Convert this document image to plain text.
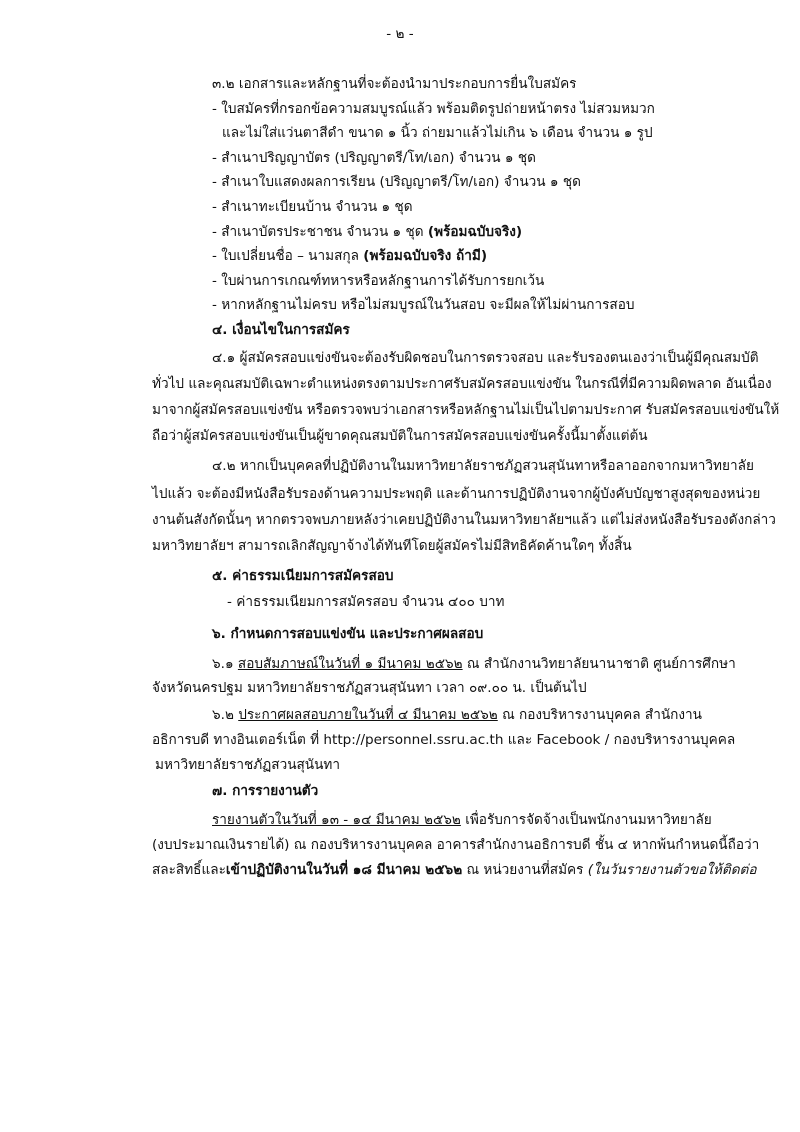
- ๒ -
๓.๒ เอกสารและหลักฐานที่จะต้องนำมาประกอบการยื่นใบสมัคร
- ใบสมัครที่กรอกข้อความสมบูรณ์แล้ว พร้อมติดรูปถ่ายหน้าตรง ไม่สวมหมวก
และไม่ใส่แว่นตาสีดำ ขนาด ๑ นิ้ว ถ่ายมาแล้วไม่เกิน ๖ เดือน จำนวน ๑ รูป
- สำเนาปริญญาบัตร (ปริญญาตรี/โท/เอก) จำนวน ๑ ชุด
- สำเนาใบแสดงผลการเรียน (ปริญญาตรี/โท/เอก) จำนวน ๑ ชุด
- สำเนาทะเบียนบ้าน จำนวน ๑ ชุด
- สำเนาบัตรประชาชน จำนวน ๑ ชุด (พร้อมฉบับจริง)
- ใบเปลี่ยนชื่อ – นามสกุล (พร้อมฉบับจริง ถ้ามี)
- ใบผ่านการเกณฑ์ทหารหรือหลักฐานการได้รับการยกเว้น
- หากหลักฐานไม่ครบ หรือไม่สมบูรณ์ในวันสอบ จะมีผลให้ไม่ผ่านการสอบ
๔. เงื่อนไขในการสมัคร
๔.๑ ผู้สมัครสอบแข่งขันจะต้องรับผิดชอบในการตรวจสอบ และรับรองตนเองว่าเป็นผู้มีคุณสมบัติ
ทั่วไป และคุณสมบัติเฉพาะตำแหน่งตรงตามประกาศรับสมัครสอบแข่งขัน ในกรณีที่มีความผิดพลาด อันเนื่อง
มาจากผู้สมัครสอบแข่งขัน หรือตรวจพบว่าเอกสารหรือหลักฐานไม่เป็นไปตามประกาศ รับสมัครสอบแข่งขันให้
ถือว่าผู้สมัครสอบแข่งขันเป็นผู้ขาดคุณสมบัติในการสมัครสอบแข่งขันครั้งนี้มาตั้งแต่ต้น
๔.๒ หากเป็นบุคคลที่ปฏิบัติงานในมหาวิทยาลัยราชภัฏสวนสุนันทาหรือลาออกจากมหาวิทยาลัย
ไปแล้ว จะต้องมีหนังสือรับรองด้านความประพฤติ และด้านการปฏิบัติงานจากผู้บังคับบัญชาสูงสุดของหน่วย
งานต้นสังกัดนั้นๆ หากตรวจพบภายหลังว่าเคยปฏิบัติงานในมหาวิทยาลัยฯแล้ว แต่ไม่ส่งหนังสือรับรองดังกล่าว
มหาวิทยาลัยฯ สามารถเลิกสัญญาจ้างได้ทันทีโดยผู้สมัครไม่มีสิทธิคัดค้านใดๆ ทั้งสิ้น
๕. ค่าธรรมเนียมการสมัครสอบ
- ค่าธรรมเนียมการสมัครสอบ จำนวน ๔๐๐ บาท
๖. กำหนดการสอบแข่งขัน และประกาศผลสอบ
๖.๑ สอบสัมภาษณ์ในวันที่ ๑ มีนาคม ๒๕๖๒ ณ สำนักงานวิทยาลัยนานาชาติ ศูนย์การศึกษา
จังหวัดนครปฐม มหาวิทยาลัยราชภัฏสวนสุนันทา เวลา ๐๙.๐๐ น. เป็นต้นไป
๖.๒ ประกาศผลสอบภายในวันที่ ๔ มีนาคม ๒๕๖๒ ณ กองบริหารงานบุคคล สำนักงาน
อธิการบดี ทางอินเตอร์เน็ต ที่ http://personnel.ssru.ac.th และ Facebook / กองบริหารงานบุคคล
มหาวิทยาลัยราชภัฏสวนสุนันทา
๗. การรายงานตัว
รายงานตัวในวันที่ ๑๓ - ๑๔ มีนาคม ๒๕๖๒ เพื่อรับการจัดจ้างเป็นพนักงานมหาวิทยาลัย
(งบประมาณเงินรายได้) ณ กองบริหารงานบุคคล อาคารสำนักงานอธิการบดี ชั้น ๔ หากพ้นกำหนดนี้ถือว่า
สละสิทธิ์และเข้าปฏิบัติงานในวันที่ ๑๘ มีนาคม ๒๕๖๒ ณ หน่วยงานที่สมัคร (ในวันรายงานตัวขอให้ติดต่อ
